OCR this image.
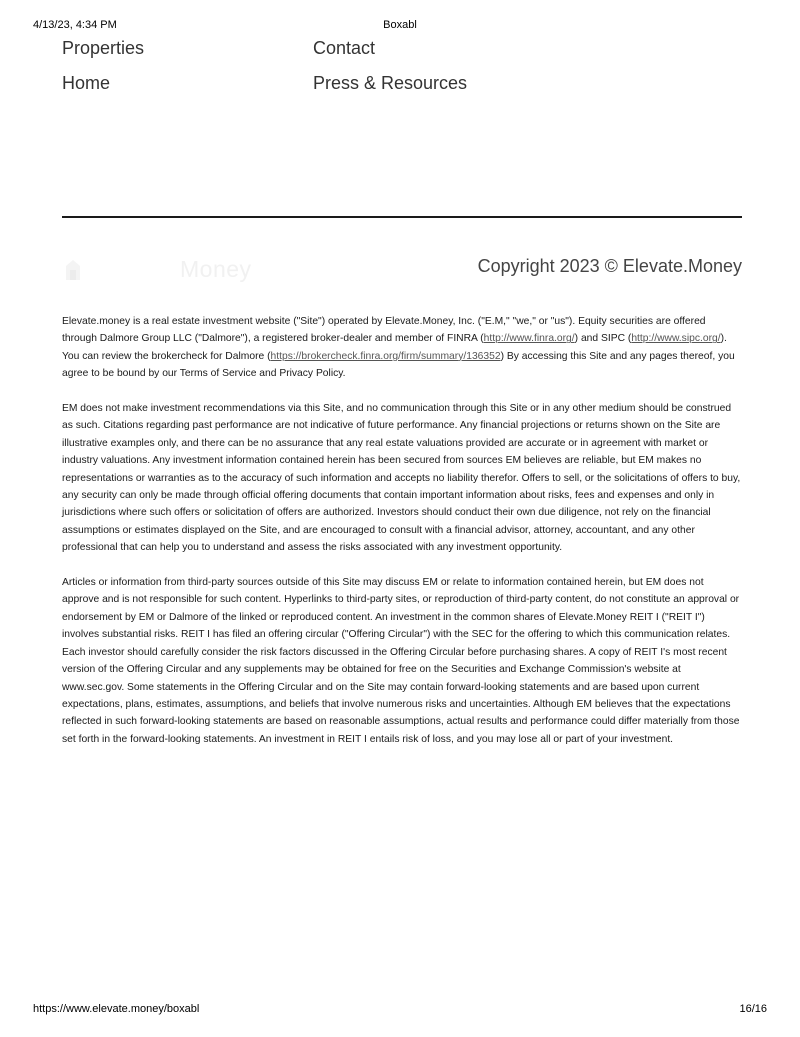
4/13/23, 4:34 PM	Boxabl
Properties
Home
Contact
Press & Resources
Money	Copyright 2023 © Elevate.Money

Elevate.money is a real estate investment website ("Site") operated by Elevate.Money, Inc. ("E.M," "we," or "us"). Equity securities are offered through Dalmore Group LLC ("Dalmore"), a registered broker-dealer and member of FINRA (http://www.finra.org/) and SIPC (http://www.sipc.org/). You can review the brokercheck for Dalmore (https://brokercheck.finra.org/firm/summary/136352) By accessing this Site and any pages thereof, you agree to be bound by our Terms of Service and Privacy Policy.

EM does not make investment recommendations via this Site, and no communication through this Site or in any other medium should be construed as such. Citations regarding past performance are not indicative of future performance. Any financial projections or returns shown on the Site are illustrative examples only, and there can be no assurance that any real estate valuations provided are accurate or in agreement with market or industry valuations. Any investment information contained herein has been secured from sources EM believes are reliable, but EM makes no representations or warranties as to the accuracy of such information and accepts no liability therefor. Offers to sell, or the solicitations of offers to buy, any security can only be made through official offering documents that contain important information about risks, fees and expenses and only in jurisdictions where such offers or solicitation of offers are authorized. Investors should conduct their own due diligence, not rely on the financial assumptions or estimates displayed on the Site, and are encouraged to consult with a financial advisor, attorney, accountant, and any other professional that can help you to understand and assess the risks associated with any investment opportunity.

Articles or information from third-party sources outside of this Site may discuss EM or relate to information contained herein, but EM does not approve and is not responsible for such content. Hyperlinks to third-party sites, or reproduction of third-party content, do not constitute an approval or endorsement by EM or Dalmore of the linked or reproduced content. An investment in the common shares of Elevate.Money REIT I ("REIT I") involves substantial risks. REIT I has filed an offering circular ("Offering Circular") with the SEC for the offering to which this communication relates. Each investor should carefully consider the risk factors discussed in the Offering Circular before purchasing shares. A copy of REIT I's most recent version of the Offering Circular and any supplements may be obtained for free on the Securities and Exchange Commission's website at www.sec.gov. Some statements in the Offering Circular and on the Site may contain forward-looking statements and are based upon current expectations, plans, estimates, assumptions, and beliefs that involve numerous risks and uncertainties. Although EM believes that the expectations reflected in such forward-looking statements are based on reasonable assumptions, actual results and performance could differ materially from those set forth in the forward-looking statements. An investment in REIT I entails risk of loss, and you may lose all or part of your investment.

https://www.elevate.money/boxabl	16/16
